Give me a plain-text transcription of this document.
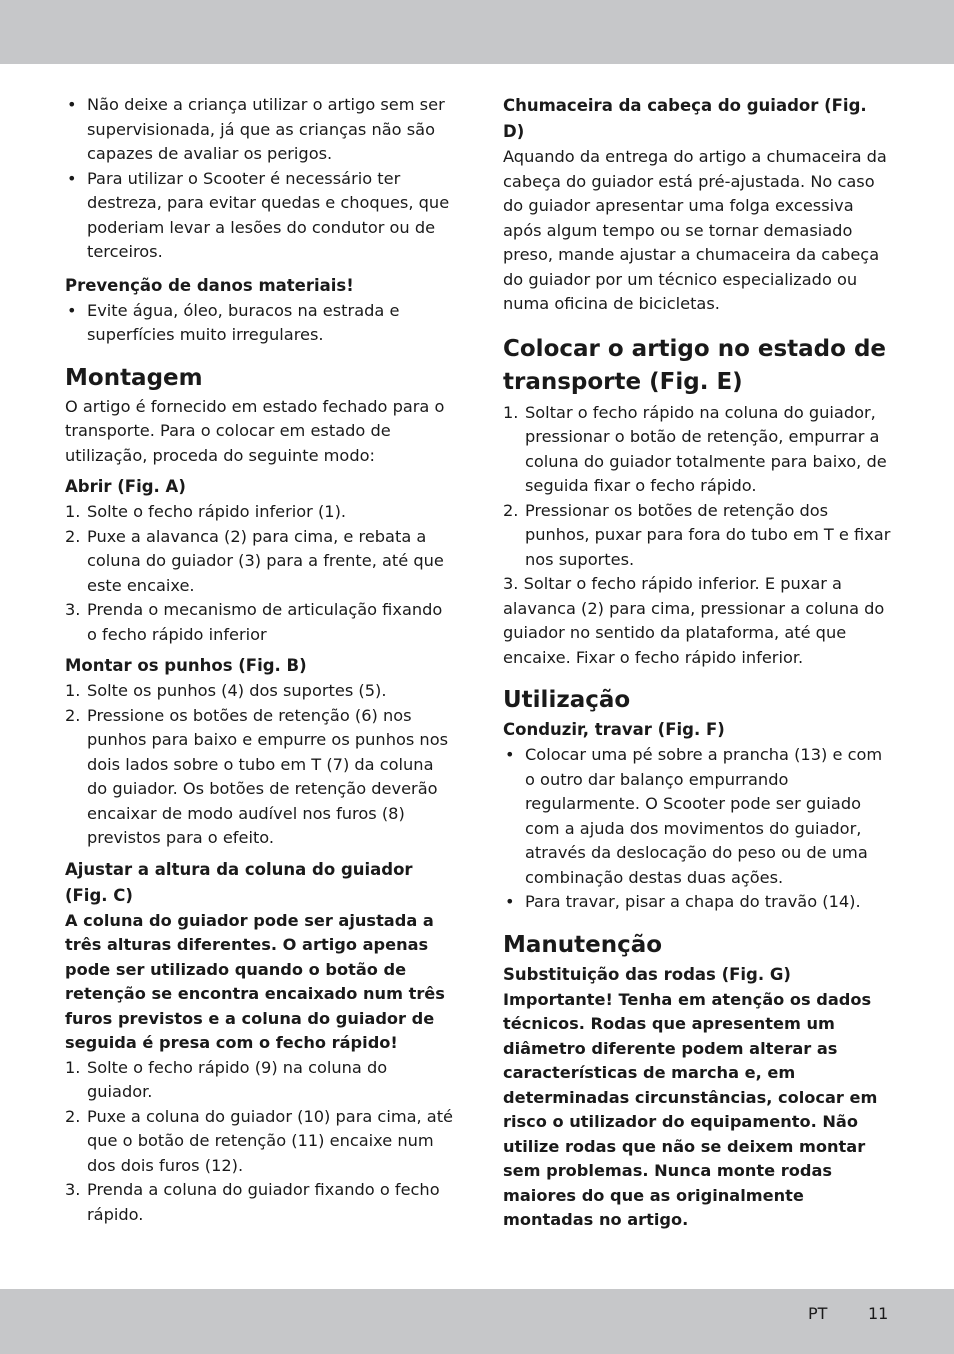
• Não deixe a criança utilizar o artigo sem ser supervisionada, já que as crianças não são capazes de avaliar os perigos.
• Para utilizar o Scooter é necessário ter destreza, para evitar quedas e choques, que poderiam levar a lesões do condutor ou de terceiros.
Prevenção de danos materiais!
• Evite água, óleo, buracos na estrada e superfícies muito irregulares.
Montagem

O artigo é fornecido em estado fechado para o transporte. Para o colocar em estado de utilização, proceda do seguinte modo:

Abrir (Fig. A)
1. Solte o fecho rápido inferior (1).
2. Puxe a alavanca (2) para cima, e rebata a coluna do guiador (3) para a frente, até que este encaixe.
3. Prenda o mecanismo de articulação fixando o fecho rápido inferior
Montar os punhos (Fig. B)
1. Solte os punhos (4) dos suportes (5).
2. Pressione os botões de retenção (6) nos punhos para baixo e empurre os punhos nos dois lados sobre o tubo em T (7) da coluna do guiador. Os botões de retenção deverão encaixar de modo audível nos furos (8) previstos para o efeito.
Ajustar a altura da coluna do guiador (Fig. C)

A coluna do guiador pode ser ajustada a três alturas diferentes. O artigo apenas pode ser utilizado quando o botão de retenção se encontra encaixado num três furos previstos e a coluna do guiador de seguida é presa com o fecho rápido!

1. Solte o fecho rápido (9) na coluna do guiador.
2. Puxe a coluna do guiador (10) para cima, até que o botão de retenção (11) encaixe num dos dois furos (12).
3. Prenda a coluna do guiador fixando o fecho rápido.
Chumaceira da cabeça do guiador (Fig. D)

Aquando da entrega do artigo a chumaceira da cabeça do guiador está pré-ajustada. No caso do guiador apresentar uma folga excessiva após algum tempo ou se tornar demasiado preso, mande ajustar a chumaceira da cabeça do guiador por um técnico especializado ou numa oficina de bicicletas.

Colocar o artigo no estado de transporte (Fig. E)
1. Soltar o fecho rápido na coluna do guiador, pressionar o botão de retenção, empurrar a coluna do guiador totalmente para baixo, de seguida fixar o fecho rápido.
2. Pressionar os botões de retenção dos punhos, puxar para fora do tubo em T e fixar nos suportes.

3. Soltar o fecho rápido inferior. E puxar a alavanca (2) para cima, pressionar a coluna do guiador no sentido da plataforma, até que encaixe. Fixar o fecho rápido inferior.

Utilização
Conduzir, travar (Fig. F)
• Colocar uma pé sobre a prancha (13) e com o outro dar balanço empurrando regularmente. O Scooter pode ser guiado com a ajuda dos movimentos do guiador, através da deslocação do peso ou de uma combinação destas duas ações.
• Para travar, pisar a chapa do travão (14).
Manutenção
Substituição das rodas (Fig. G)

Importante! Tenha em atenção os dados técnicos. Rodas que apresentem um diâmetro diferente podem alterar as características de marcha e, em determinadas circunstâncias, colocar em risco o utilizador do equipamento. Não utilize rodas que não se deixem montar sem problemas. Nunca monte rodas maiores do que as originalmente montadas no artigo.

PT	11
